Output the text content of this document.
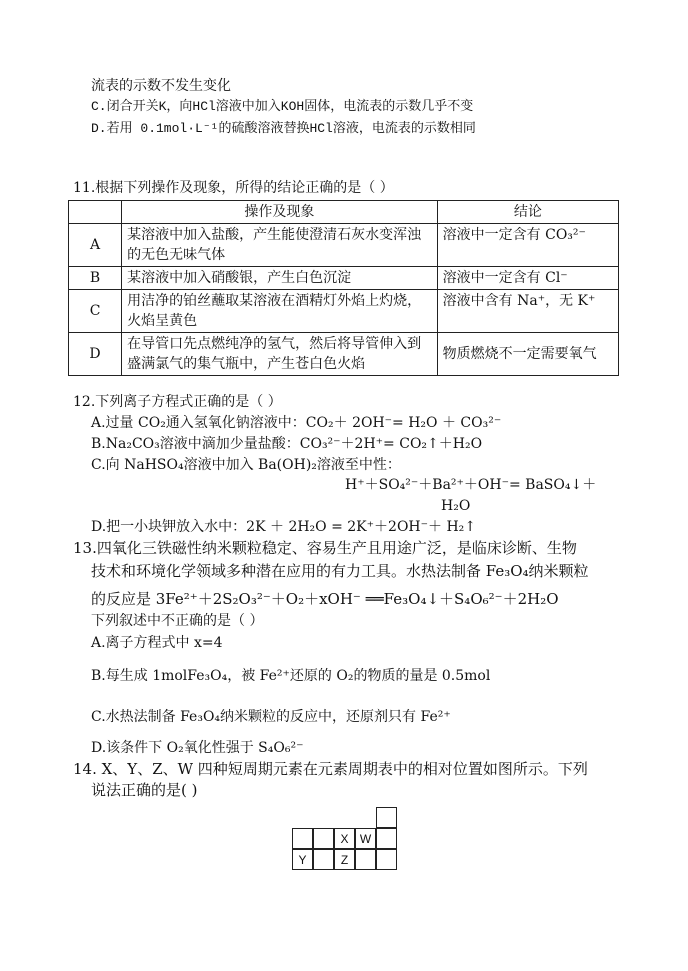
流表的示数不发生变化
C.闭合开关K，向HCl溶液中加入KOH固体，电流表的示数几乎不变
D.若用 0.1mol·L⁻¹的硫酸溶液替换HCl溶液，电流表的示数相同
11.根据下列操作及现象，所得的结论正确的是（ ）
	操作及现象	结论
A	某溶液中加入盐酸，产生能使澄清石灰水变浑浊的无色无味气体	溶液中一定含有 CO₃²⁻
B	某溶液中加入硝酸银，产生白色沉淀	溶液中一定含有 Cl⁻
C	用洁净的铂丝蘸取某溶液在酒精灯外焰上灼烧，火焰呈黄色	溶液中含有 Na⁺，无 K⁺
D	在导管口先点燃纯净的氢气，然后将导管伸入到盛满氯气的集气瓶中，产生苍白色火焰	物质燃烧不一定需要氧气
12.下列离子方程式正确的是（ ）
A.过量 CO₂通入氢氧化钠溶液中：CO₂＋ 2OH⁻= H₂O ＋ CO₃²⁻
B.Na₂CO₃溶液中滴加少量盐酸：CO₃²⁻＋2H⁺= CO₂↑＋H₂O
C.向 NaHSO₄溶液中加入 Ba(OH)₂溶液至中性：
H⁺＋SO₄²⁻＋Ba²⁺＋OH⁻= BaSO₄↓＋
H₂O
D.把一小块钾放入水中：2K ＋ 2H₂O = 2K⁺＋2OH⁻＋ H₂↑
13.四氧化三铁磁性纳米颗粒稳定、容易生产且用途广泛，是临床诊断、生物
技术和环境化学领域多种潜在应用的有力工具。水热法制备 Fe₃O₄纳米颗粒
的反应是 3Fe²⁺＋2S₂O₃²⁻＋O₂＋xOH⁻ ══Fe₃O₄↓＋S₄O₆²⁻＋2H₂O
下列叙述中不正确的是（ ）
A.离子方程式中 x=4
B.每生成 1molFe₃O₄，被 Fe²⁺还原的 O₂的物质的量是 0.5mol
C.水热法制备 Fe₃O₄纳米颗粒的反应中，还原剂只有 Fe²⁺
D.该条件下 O₂氧化性强于 S₄O₆²⁻
14. X、Y、Z、W 四种短周期元素在元素周期表中的相对位置如图所示。下列
说法正确的是( )
X W
Y	Z
